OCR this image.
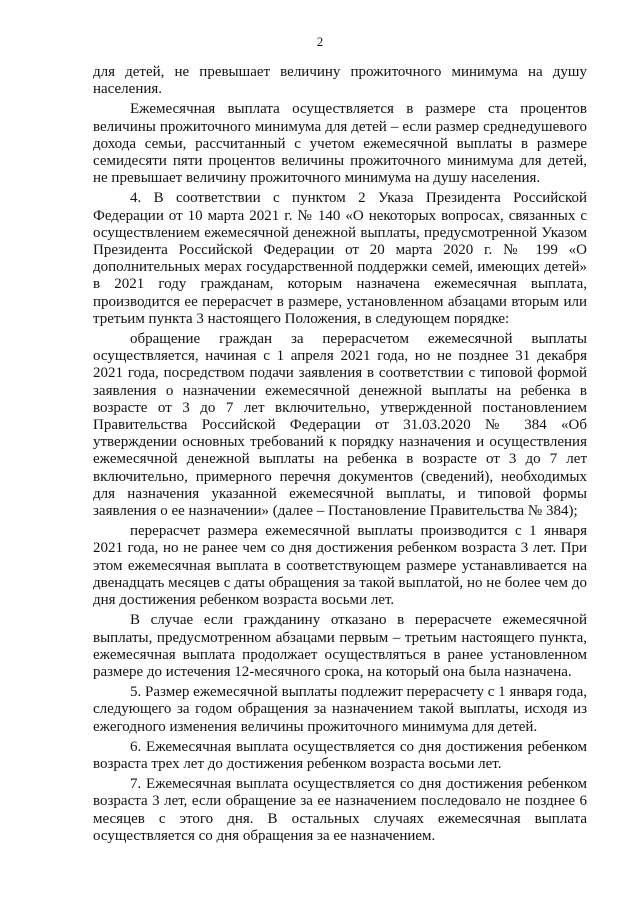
2

для детей, не превышает величину прожиточного минимума на душу населения.

Ежемесячная выплата осуществляется в размере ста процентов величины прожиточного минимума для детей – если размер среднедушевого дохода семьи, рассчитанный с учетом ежемесячной выплаты в размере семидесяти пяти процентов величины прожиточного минимума для детей, не превышает величину прожиточного минимума на душу населения.

4. В соответствии с пунктом 2 Указа Президента Российской Федерации от 10 марта 2021 г. № 140 «О некоторых вопросах, связанных с осуществлением ежемесячной денежной выплаты, предусмотренной Указом Президента Российской Федерации от 20 марта 2020 г. № 199 «О дополнительных мерах государственной поддержки семей, имеющих детей» в 2021 году гражданам, которым назначена ежемесячная выплата, производится ее перерасчет в размере, установленном абзацами вторым или третьим пункта 3 настоящего Положения, в следующем порядке:

обращение граждан за перерасчетом ежемесячной выплаты осуществляется, начиная с 1 апреля 2021 года, но не позднее 31 декабря 2021 года, посредством подачи заявления в соответствии с типовой формой заявления о назначении ежемесячной денежной выплаты на ребенка в возрасте от 3 до 7 лет включительно, утвержденной постановлением Правительства Российской Федерации от 31.03.2020 № 384 «Об утверждении основных требований к порядку назначения и осуществления ежемесячной денежной выплаты на ребенка в возрасте от 3 до 7 лет включительно, примерного перечня документов (сведений), необходимых для назначения указанной ежемесячной выплаты, и типовой формы заявления о ее назначении» (далее – Постановление Правительства № 384);

перерасчет размера ежемесячной выплаты производится с 1 января 2021 года, но не ранее чем со дня достижения ребенком возраста 3 лет. При этом ежемесячная выплата в соответствующем размере устанавливается на двенадцать месяцев с даты обращения за такой выплатой, но не более чем до дня достижения ребенком возраста восьми лет.

В случае если гражданину отказано в перерасчете ежемесячной выплаты, предусмотренном абзацами первым – третьим настоящего пункта, ежемесячная выплата продолжает осуществляться в ранее установленном размере до истечения 12-месячного срока, на который она была назначена.

5. Размер ежемесячной выплаты подлежит перерасчету с 1 января года, следующего за годом обращения за назначением такой выплаты, исходя из ежегодного изменения величины прожиточного минимума для детей.

6. Ежемесячная выплата осуществляется со дня достижения ребенком возраста трех лет до достижения ребенком возраста восьми лет.

7. Ежемесячная выплата осуществляется со дня достижения ребенком возраста 3 лет, если обращение за ее назначением последовало не позднее 6 месяцев с этого дня. В остальных случаях ежемесячная выплата осуществляется со дня обращения за ее назначением.
